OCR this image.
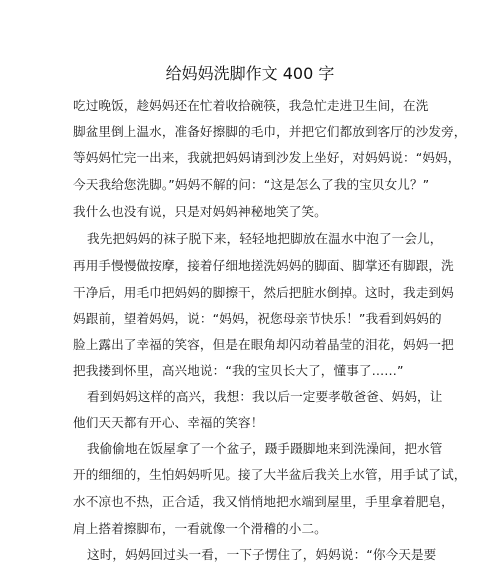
给妈妈洗脚作文 400 字
吃过晚饭，趁妈妈还在忙着收拾碗筷，我急忙走进卫生间，在洗
脚盆里倒上温水，准备好擦脚的毛巾，并把它们都放到客厅的沙发旁，
等妈妈忙完一出来，我就把妈妈请到沙发上坐好，对妈妈说：“妈妈，
今天我给您洗脚。”妈妈不解的问：“这是怎么了我的宝贝女儿？”
我什么也没有说，只是对妈妈神秘地笑了笑。
我先把妈妈的袜子脱下来，轻轻地把脚放在温水中泡了一会儿，
再用手慢慢做按摩，接着仔细地搓洗妈妈的脚面、脚掌还有脚跟，洗
干净后，用毛巾把妈妈的脚擦干，然后把脏水倒掉。这时，我走到妈
妈跟前，望着妈妈，说：“妈妈，祝您母亲节快乐！”我看到妈妈的
脸上露出了幸福的笑容，但是在眼角却闪动着晶莹的泪花，妈妈一把
把我搂到怀里，高兴地说：“我的宝贝长大了，懂事了……”
看到妈妈这样的高兴，我想：我以后一定要孝敬爸爸、妈妈，让
他们天天都有开心、幸福的笑容！
我偷偷地在饭屋拿了一个盆子，蹑手蹑脚地来到洗澡间，把水管
开的细细的，生怕妈妈听见。接了大半盆后我关上水管，用手试了试，
水不凉也不热，正合适，我又悄悄地把水端到屋里，手里拿着肥皂，
肩上搭着擦脚布，一看就像一个滑稽的小二。
这时，妈妈回过头一看，一下子愣住了，妈妈说：“你今天是要
